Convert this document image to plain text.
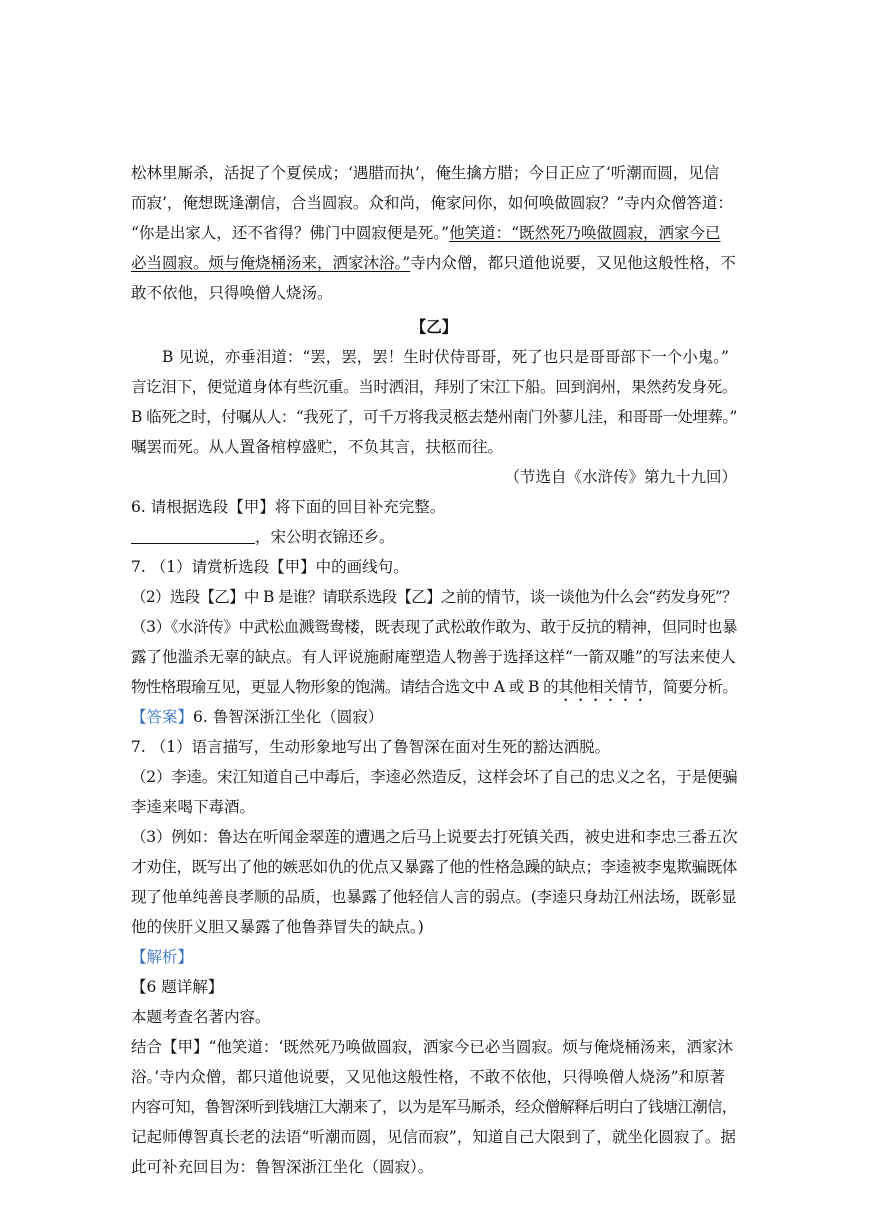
松林里厮杀，活捉了个夏侯成；‘遇腊而执’，俺生擒方腊；今日正应了‘听潮而圆，见信
而寂’，俺想既逢潮信，合当圆寂。众和尚，俺家问你，如何唤做圆寂？”寺内众僧答道：
“你是出家人，还不省得？佛门中圆寂便是死。”他笑道：“既然死乃唤做圆寂，洒家今已
必当圆寂。烦与俺烧桶汤来，洒家沐浴。”寺内众僧，都只道他说要，又见他这般性格，不
敢不依他，只得唤僧人烧汤。
【乙】
B 见说，亦垂泪道：“罢，罢，罢！生时伏侍哥哥，死了也只是哥哥部下一个小鬼。”
言讫泪下，便觉道身体有些沉重。当时洒泪，拜别了宋江下船。回到润州，果然药发身死。
B 临死之时，付嘱从人：“我死了，可千万将我灵柩去楚州南门外蓼儿洼，和哥哥一处埋葬。”
嘱罢而死。从人置备棺椁盛贮，不负其言，扶柩而往。
（节选自《水浒传》第九十九回）
6. 请根据选段【甲】将下面的回目补充完整。
，宋公明衣锦还乡。
7. （1）请赏析选段【甲】中的画线句。
（2）选段【乙】中 B 是谁？请联系选段【乙】之前的情节，谈一谈他为什么会“药发身死”？
（3）《水浒传》中武松血溅鸳鸯楼，既表现了武松敢作敢为、敢于反抗的精神，但同时也暴
露了他滥杀无辜的缺点。有人评说施耐庵塑造人物善于选择这样“一箭双雕”的写法来使人
物性格瑕瑜互见，更显人物形象的饱满。请结合选文中 A 或 B 的其他相关情节，简要分析。
【答案】6. 鲁智深浙江坐化（圆寂）
7. （1）语言描写，生动形象地写出了鲁智深在面对生死的豁达洒脱。
（2）李逵。宋江知道自己中毒后，李逵必然造反，这样会坏了自己的忠义之名，于是便骗
李逵来喝下毒酒。
（3）例如：鲁达在听闻金翠莲的遭遇之后马上说要去打死镇关西，被史进和李忠三番五次
才劝住，既写出了他的嫉恶如仇的优点又暴露了他的性格急躁的缺点；李逵被李鬼欺骗既体
现了他单纯善良孝顺的品质，也暴露了他轻信人言的弱点。(李逵只身劫江州法场，既彰显
他的侠肝义胆又暴露了他鲁莽冒失的缺点。)
【解析】
【6 题详解】
本题考查名著内容。
结合【甲】“他笑道：‘既然死乃唤做圆寂，洒家今已必当圆寂。烦与俺烧桶汤来，洒家沐
浴。’寺内众僧，都只道他说要，又见他这般性格，不敢不依他，只得唤僧人烧汤”和原著
内容可知，鲁智深听到钱塘江大潮来了，以为是军马厮杀，经众僧解释后明白了钱塘江潮信，
记起师傅智真长老的法语“听潮而圆，见信而寂”，知道自己大限到了，就坐化圆寂了。据
此可补充回目为：鲁智深浙江坐化（圆寂）。
